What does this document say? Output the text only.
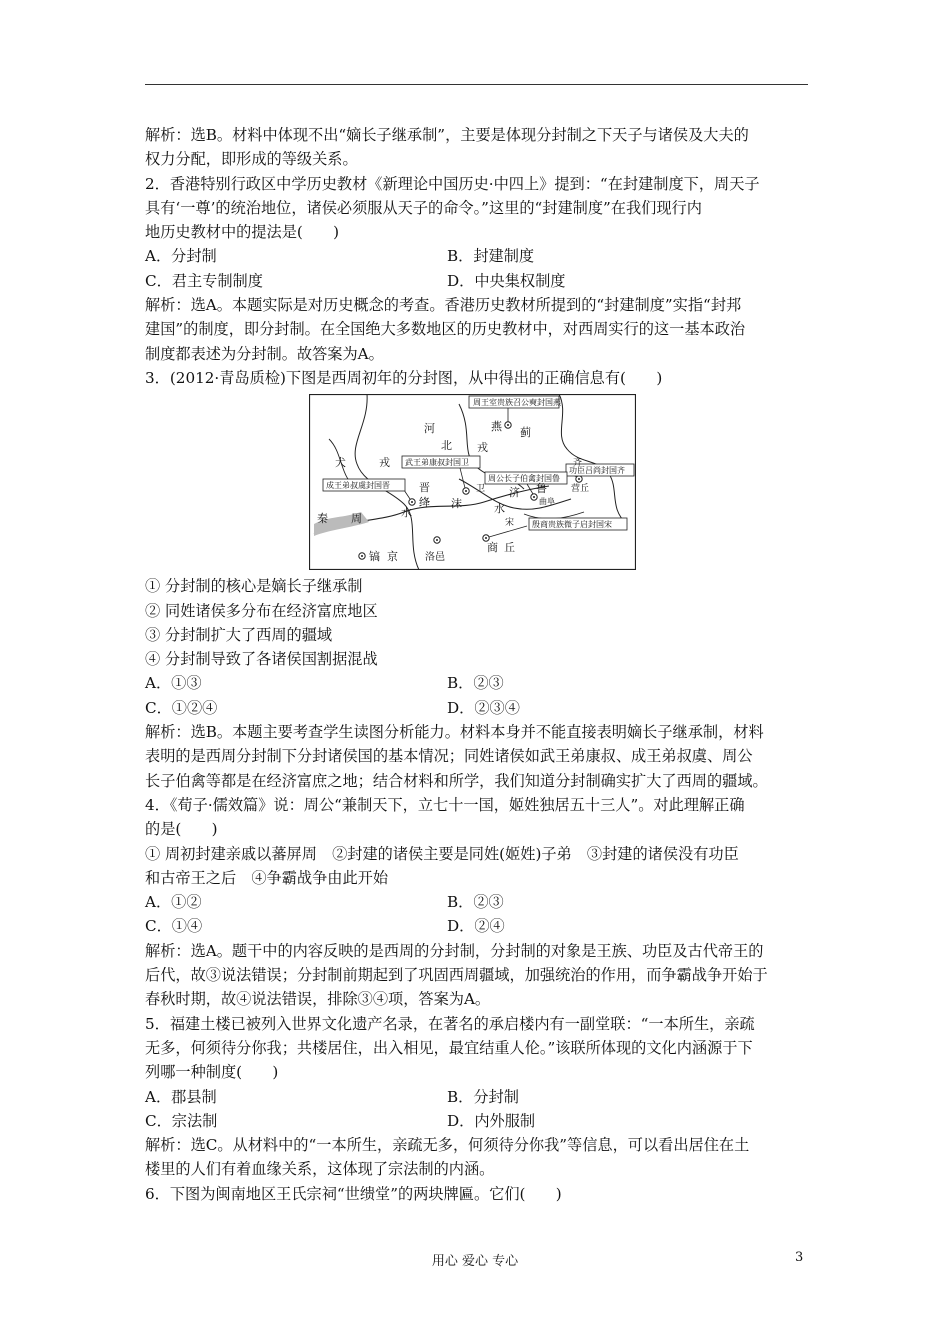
解析：选B。材料中体现不出“嫡长子继承制”，主要是体现分封制之下天子与诸侯及大夫的
权力分配，即形成的等级关系。
2．香港特别行政区中学历史教材《新理论中国历史·中四上》提到：“在封建制度下，周天子
具有‘一尊’的统治地位，诸侯必须服从天子的命令。”这里的“封建制度”在我们现行内
地历史教材中的提法是(　　)
A．分封制	B．封建制度
C．君主专制制度	D．中央集权制度
解析：选A。本题实际是对历史概念的考查。香港历史教材所提到的“封建制度”实指“封邦
建国”的制度，即分封制。在全国绝大多数地区的历史教材中，对西周实行的这一基本政治
制度都表述为分封制。故答案为A。
3．(2012·青岛质检)下图是西周初年的分封图，从中得出的正确信息有(　　)
周王室贵族召公奭封国燕
功臣吕尚封国齐
武王弟康叔封国卫
周公长子伯禽封国鲁
成王弟叔虞封国晋
殷商贵族微子启封国宋
河
北 戎
犬	戎
燕 蓟
齐
营丘
晋
绛 沫
卫 济 鲁
曲阜
水	水
秦 周
镐 京	洛邑
宋
商 丘
① 分封制的核心是嫡长子继承制
② 同姓诸侯多分布在经济富庶地区
③ 分封制扩大了西周的疆域
④ 分封制导致了各诸侯国割据混战
A．①③	B．②③
C．①②④	D．②③④
解析：选B。本题主要考查学生读图分析能力。材料本身并不能直接表明嫡长子继承制，材料
表明的是西周分封制下分封诸侯国的基本情况；同姓诸侯如武王弟康叔、成王弟叔虞、周公
长子伯禽等都是在经济富庶之地；结合材料和所学，我们知道分封制确实扩大了西周的疆域。
4．《荀子·儒效篇》说：周公“兼制天下，立七十一国，姬姓独居五十三人”。对此理解正确
的是(　　)
① 周初封建亲戚以蕃屏周　②封建的诸侯主要是同姓(姬姓)子弟　③封建的诸侯没有功臣
和古帝王之后　④争霸战争由此开始
A．①②	B．②③
C．①④	D．②④
解析：选A。题干中的内容反映的是西周的分封制，分封制的对象是王族、功臣及古代帝王的
后代，故③说法错误；分封制前期起到了巩固西周疆域，加强统治的作用，而争霸战争开始于
春秋时期，故④说法错误，排除③④项，答案为A。
5．福建土楼已被列入世界文化遗产名录，在著名的承启楼内有一副堂联：“一本所生，亲疏
无多，何须待分你我；共楼居住，出入相见，最宜结重人伦。”该联所体现的文化内涵源于下
列哪一种制度(　　)
A．郡县制	B．分封制
C．宗法制	D．内外服制
解析：选C。从材料中的“一本所生，亲疏无多，何须待分你我”等信息，可以看出居住在土
楼里的人们有着血缘关系，这体现了宗法制的内涵。
6．下图为闽南地区王氏宗祠“世缋堂”的两块牌匾。它们(　　)
用心 爱心 专心	3
